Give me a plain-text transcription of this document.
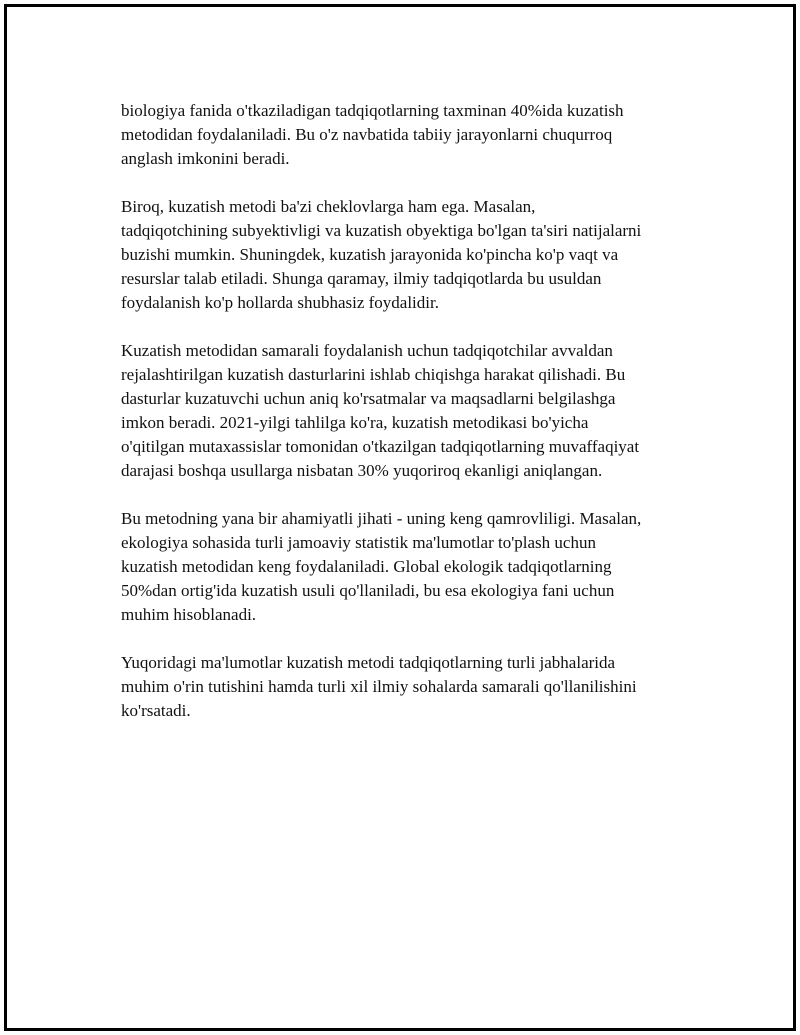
biologiya fanida o'tkaziladigan tadqiqotlarning taxminan 40%ida kuzatish
metodidan foydalaniladi. Bu o'z navbatida tabiiy jarayonlarni chuqurroq
anglash imkonini beradi.

Biroq, kuzatish metodi ba'zi cheklovlarga ham ega. Masalan,
tadqiqotchining subyektivligi va kuzatish obyektiga bo'lgan ta'siri natijalarni
buzishi mumkin. Shuningdek, kuzatish jarayonida ko'pincha ko'p vaqt va
resurslar talab etiladi. Shunga qaramay, ilmiy tadqiqotlarda bu usuldan
foydalanish ko'p hollarda shubhasiz foydalidir.

Kuzatish metodidan samarali foydalanish uchun tadqiqotchilar avvaldan
rejalashtirilgan kuzatish dasturlarini ishlab chiqishga harakat qilishadi. Bu
dasturlar kuzatuvchi uchun aniq ko'rsatmalar va maqsadlarni belgilashga
imkon beradi. 2021-yilgi tahlilga ko'ra, kuzatish metodikasi bo'yicha
o'qitilgan mutaxassislar tomonidan o'tkazilgan tadqiqotlarning muvaffaqiyat
darajasi boshqa usullarga nisbatan 30% yuqoriroq ekanligi aniqlangan.

Bu metodning yana bir ahamiyatli jihati - uning keng qamrovliligi. Masalan,
ekologiya sohasida turli jamoaviy statistik ma'lumotlar to'plash uchun
kuzatish metodidan keng foydalaniladi. Global ekologik tadqiqotlarning
50%dan ortig'ida kuzatish usuli qo'llaniladi, bu esa ekologiya fani uchun
muhim hisoblanadi.

Yuqoridagi ma'lumotlar kuzatish metodi tadqiqotlarning turli jabhalarida
muhim o'rin tutishini hamda turli xil ilmiy sohalarda samarali qo'llanilishini
ko'rsatadi.
